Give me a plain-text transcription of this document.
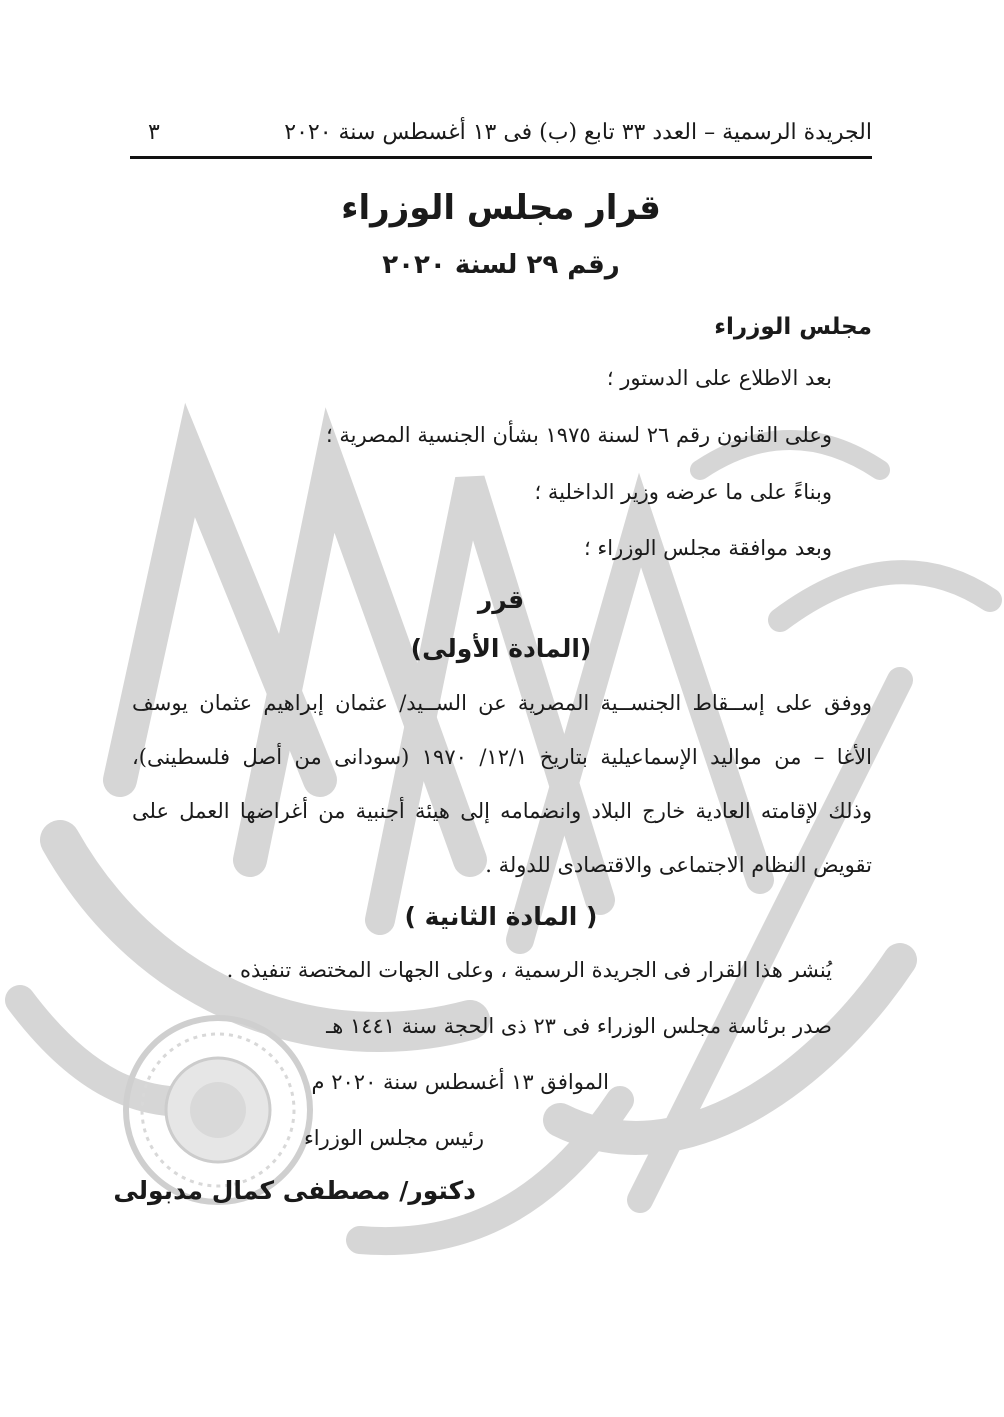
الجريدة الرسمية – العدد ٣٣ تابع (ب) فى ١٣ أغسطس سنة ٢٠٢٠
٣
قرار مجلس الوزراء
رقم ٢٩ لسنة ٢٠٢٠
مجلس الوزراء
بعد الاطلاع على الدستور ؛
وعلى القانون رقم ٢٦ لسنة ١٩٧٥ بشأن الجنسية المصرية ؛
وبناءً على ما عرضه وزير الداخلية ؛
وبعد موافقة مجلس الوزراء ؛
قرر
(المادة الأولى)
ووفق على إســقاط الجنســية المصرية عن الســيد/ عثمان إبراهيم عثمان يوسف
الأغا – من مواليد الإسماعيلية بتاريخ ١٢/١/ ١٩٧٠ (سودانى من أصل فلسطينى)،
وذلك لإقامته العادية خارج البلاد وانضمامه إلى هيئة أجنبية من أغراضها العمل على
تقويض النظام الاجتماعى والاقتصادى للدولة .
( المادة الثانية )
يُنشر هذا القرار فى الجريدة الرسمية ، وعلى الجهات المختصة تنفيذه .
صدر برئاسة مجلس الوزراء فى ٢٣ ذى الحجة سنة ١٤٤١ هـ
الموافق ١٣ أغسطس سنة ٢٠٢٠ م
رئيس مجلس الوزراء
دكتور/ مصطفى كمال مدبولى
